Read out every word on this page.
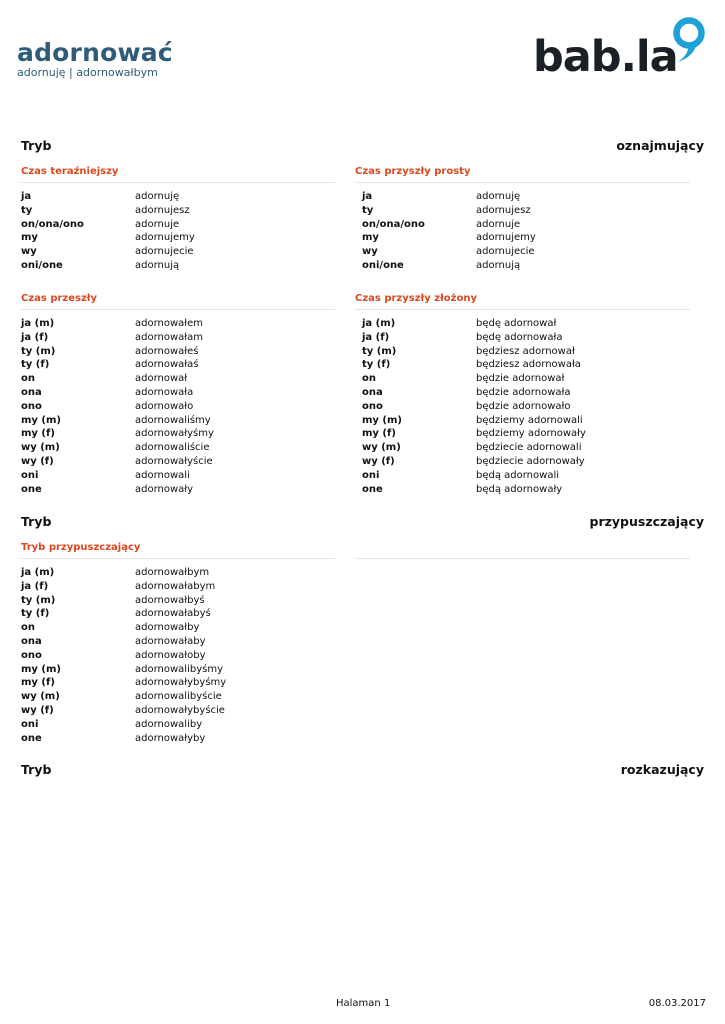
adornować
adornuję | adornowałbym	bab.la
Tryb	oznajmujący
Czas teraźniejszy
ja	adornuję
ty	adornujesz
on/ona/ono	adornuje
my	adornujemy
wy	adornujecie
oni/one	adornują
Czas przyszły prosty
ja	adornuję
ty	adornujesz
on/ona/ono	adornuje
my	adornujemy
wy	adornujecie
oni/one	adornują
Czas przeszły
ja (m)	adornowałem
ja (f)	adornowałam
ty (m)	adornowałeś
ty (f)	adornowałaś
on	adornował
ona	adornowała
ono	adornowało
my (m)	adornowaliśmy
my (f)	adornowałyśmy
wy (m)	adornowaliście
wy (f)	adornowałyście
oni	adornowali
one	adornowały
Czas przyszły złożony
ja (m)	będę adornował
ja (f)	będę adornowała
ty (m)	będziesz adornował
ty (f)	będziesz adornowała
on	będzie adornował
ona	będzie adornowała
ono	będzie adornowało
my (m)	będziemy adornowali
my (f)	będziemy adornowały
wy (m)	będziecie adornowali
wy (f)	będziecie adornowały
oni	będą adornowali
one	będą adornowały
Tryb	przypuszczający
Tryb przypuszczający
ja (m)	adornowałbym
ja (f)	adornowałabym
ty (m)	adornowałbyś
ty (f)	adornowałabyś
on	adornowałby
ona	adornowałaby
ono	adornowałoby
my (m)	adornowalibyśmy
my (f)	adornowałybyśmy
wy (m)	adornowalibyście
wy (f)	adornowałybyście
oni	adornowaliby
one	adornowałyby
Tryb	rozkazujący
Halaman 1	08.03.2017
